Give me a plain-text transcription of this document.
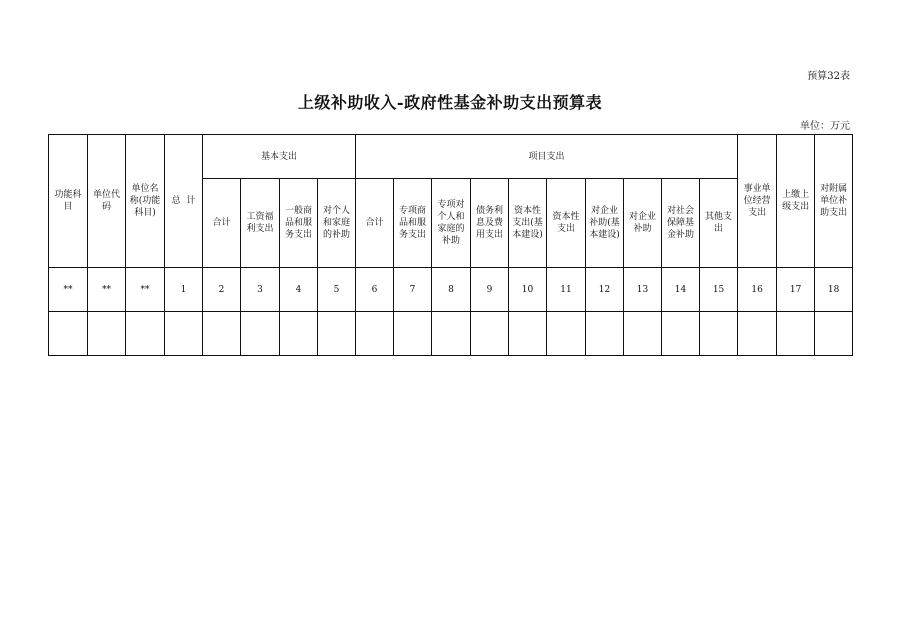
预算32表
上级补助收入-政府性基金补助支出预算表
单位：万元
功能科目	单位代码	单位名称(功能科目)	总  计	基本支出				项目支出										事业单位经营支出	上缴上级支出	对附属单位补助支出
				合计	工资福利支出	一般商品和服务支出	对个人和家庭的补助	合计	专项商品和服务支出	专项对个人和家庭的补助	债务利息及费用支出	资本性支出(基本建设)	资本性支出	对企业补助(基本建设)	对企业补助	对社会保障基金补助	其他支出			
**	**	**	1	2	3	4	5	6	7	8	9	10	11	12	13	14	15	16	17	18
